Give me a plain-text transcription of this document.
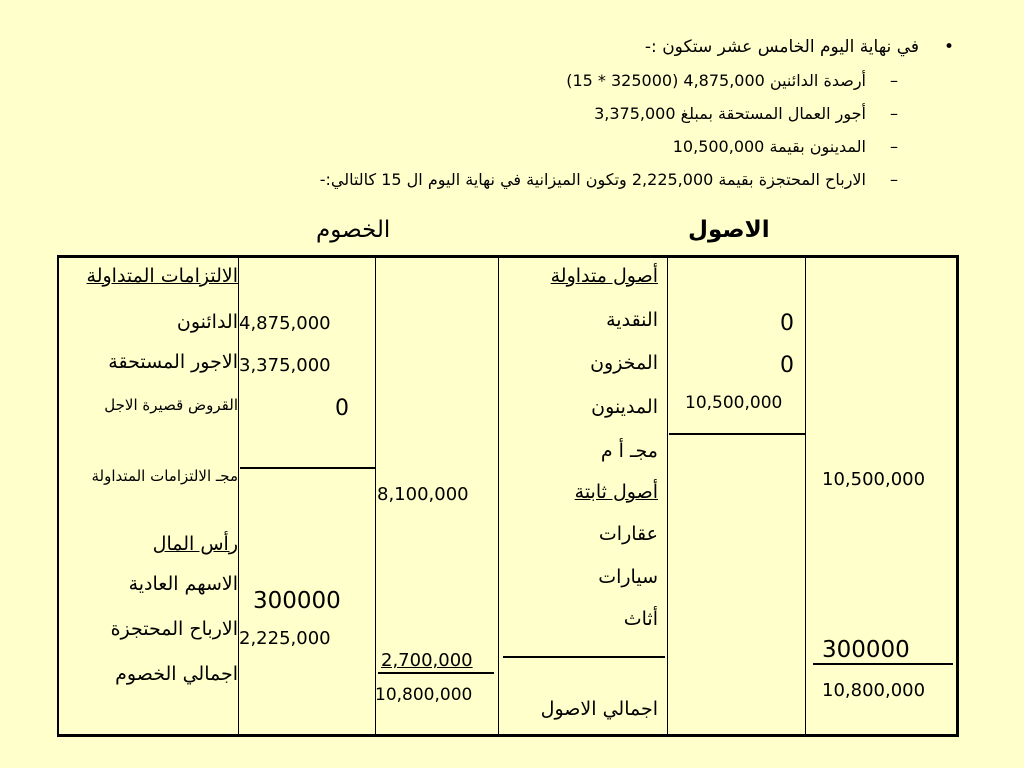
•
في نهاية اليوم الخامس عشر ستكون :-
–
أرصدة الدائنين 4,875,000 (325000 * 15)
–
أجور العمال المستحقة بمبلغ 3,375,000
–
المدينون بقيمة 10,500,000
–
الارباح المحتجزة بقيمة 2,225,000 وتكون الميزانية في نهاية اليوم ال 15 كالتالي:-
الاصول
الخصوم
الالتزامات المتداولة
الدائنون
الاجور المستحقة
القروض قصيرة الاجل
مجـ الالتزامات المتداولة
رأس المال
الاسهم العادية
الارباح المحتجزة
اجمالي الخصوم
4,875,000
3,375,000
0
300000
2,225,000
8,100,000
2,700,000
10,800,000
أصول متداولة
النقدية
المخزون
المدينون
مجـ أ م
أصول ثابتة
عقارات
سيارات
أثاث
اجمالي الاصول
0
0
10,500,000
10,500,000
300000
10,800,000
